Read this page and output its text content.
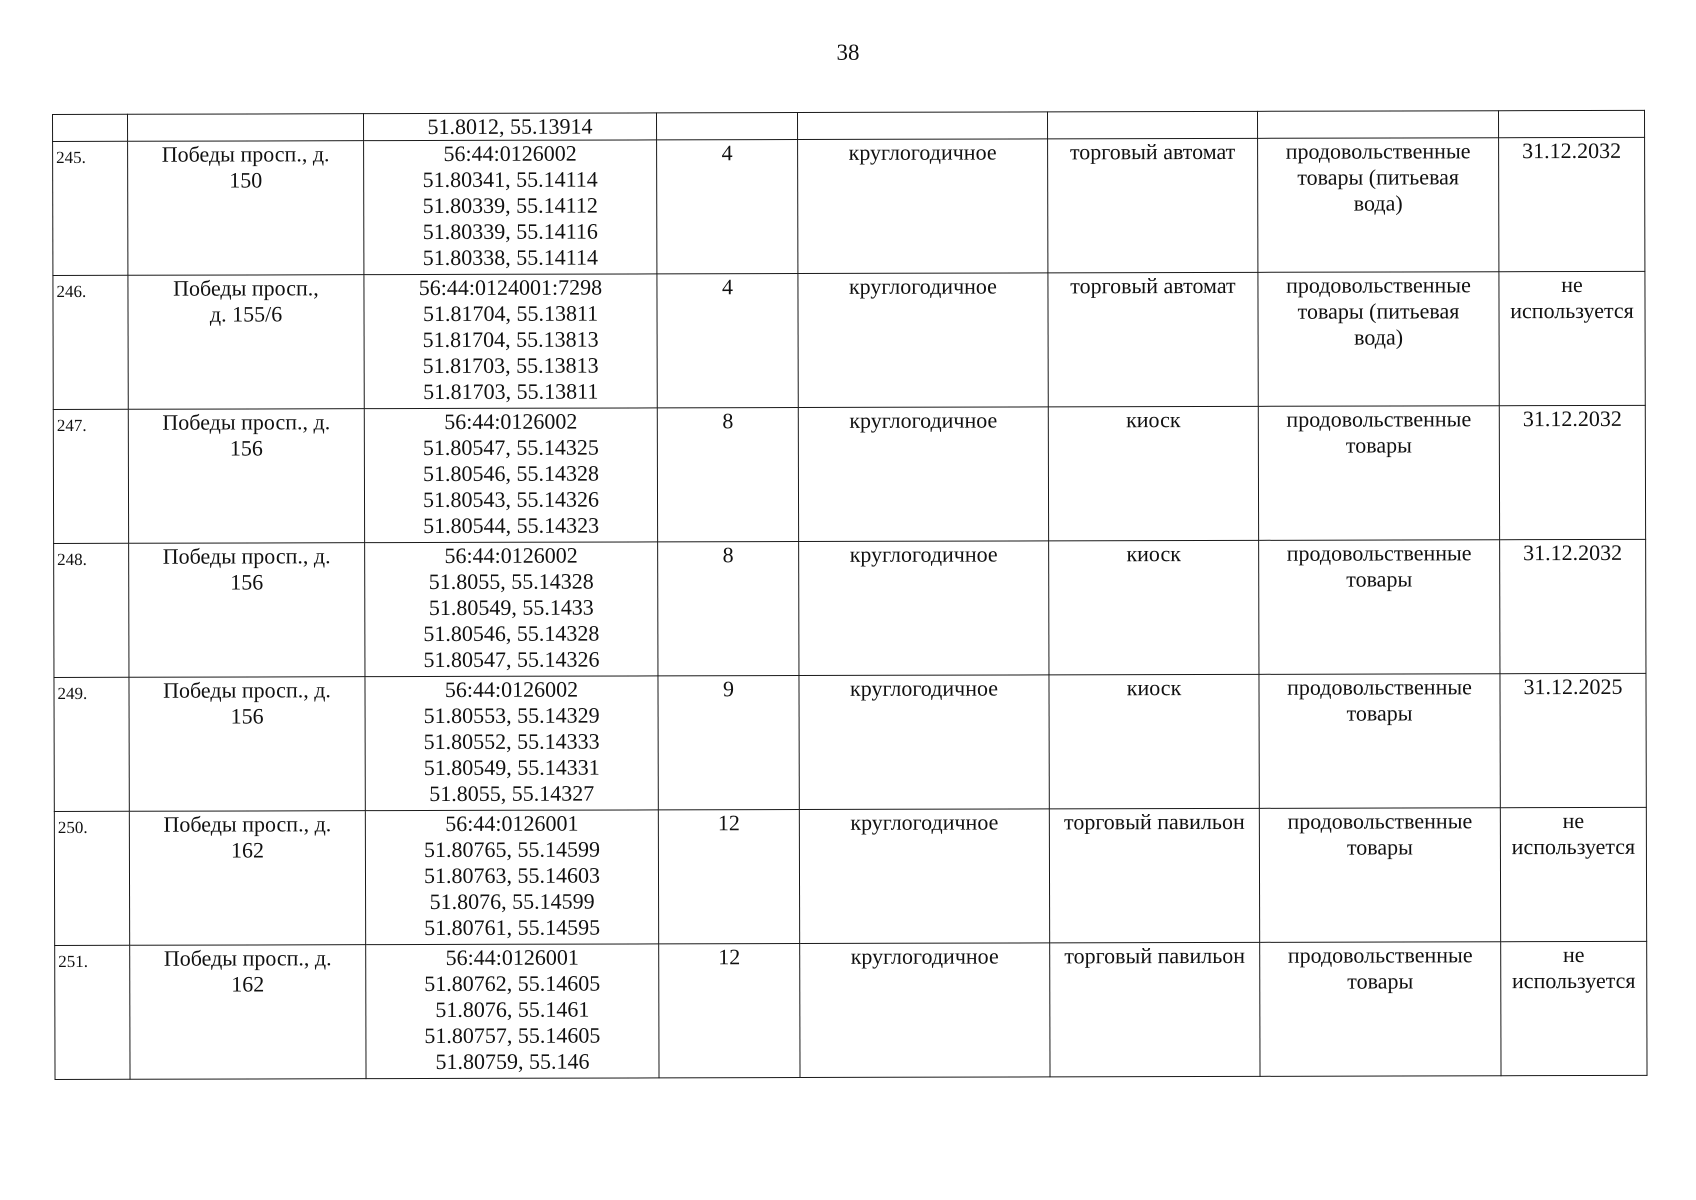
38

		51.8012, 55.13914					

245.	Победы просп., д.
150	56:44:0126002
51.80341, 55.14114
51.80339, 55.14112
51.80339, 55.14116
51.80338, 55.14114	4	круглогодичное	торговый автомат	продовольственные
товары (питьевая
вода)	31.12.2032

246.	Победы просп.,
д. 155/6	56:44:0124001:7298
51.81704, 55.13811
51.81704, 55.13813
51.81703, 55.13813
51.81703, 55.13811	4	круглогодичное	торговый автомат	продовольственные
товары (питьевая
вода)	не
используется

247.	Победы просп., д.
156	56:44:0126002
51.80547, 55.14325
51.80546, 55.14328
51.80543, 55.14326
51.80544, 55.14323	8	круглогодичное	киоск	продовольственные
товары	31.12.2032

248.	Победы просп., д.
156	56:44:0126002
51.8055, 55.14328
51.80549, 55.1433
51.80546, 55.14328
51.80547, 55.14326	8	круглогодичное	киоск	продовольственные
товары	31.12.2032

249.	Победы просп., д.
156	56:44:0126002
51.80553, 55.14329
51.80552, 55.14333
51.80549, 55.14331
51.8055, 55.14327	9	круглогодичное	киоск	продовольственные
товары	31.12.2025

250.	Победы просп., д.
162	56:44:0126001
51.80765, 55.14599
51.80763, 55.14603
51.8076, 55.14599
51.80761, 55.14595	12	круглогодичное	торговый павильон	продовольственные
товары	не
используется

251.	Победы просп., д.
162	56:44:0126001
51.80762, 55.14605
51.8076, 55.1461
51.80757, 55.14605
51.80759, 55.146	12	круглогодичное	торговый павильон	продовольственные
товары	не
используется
